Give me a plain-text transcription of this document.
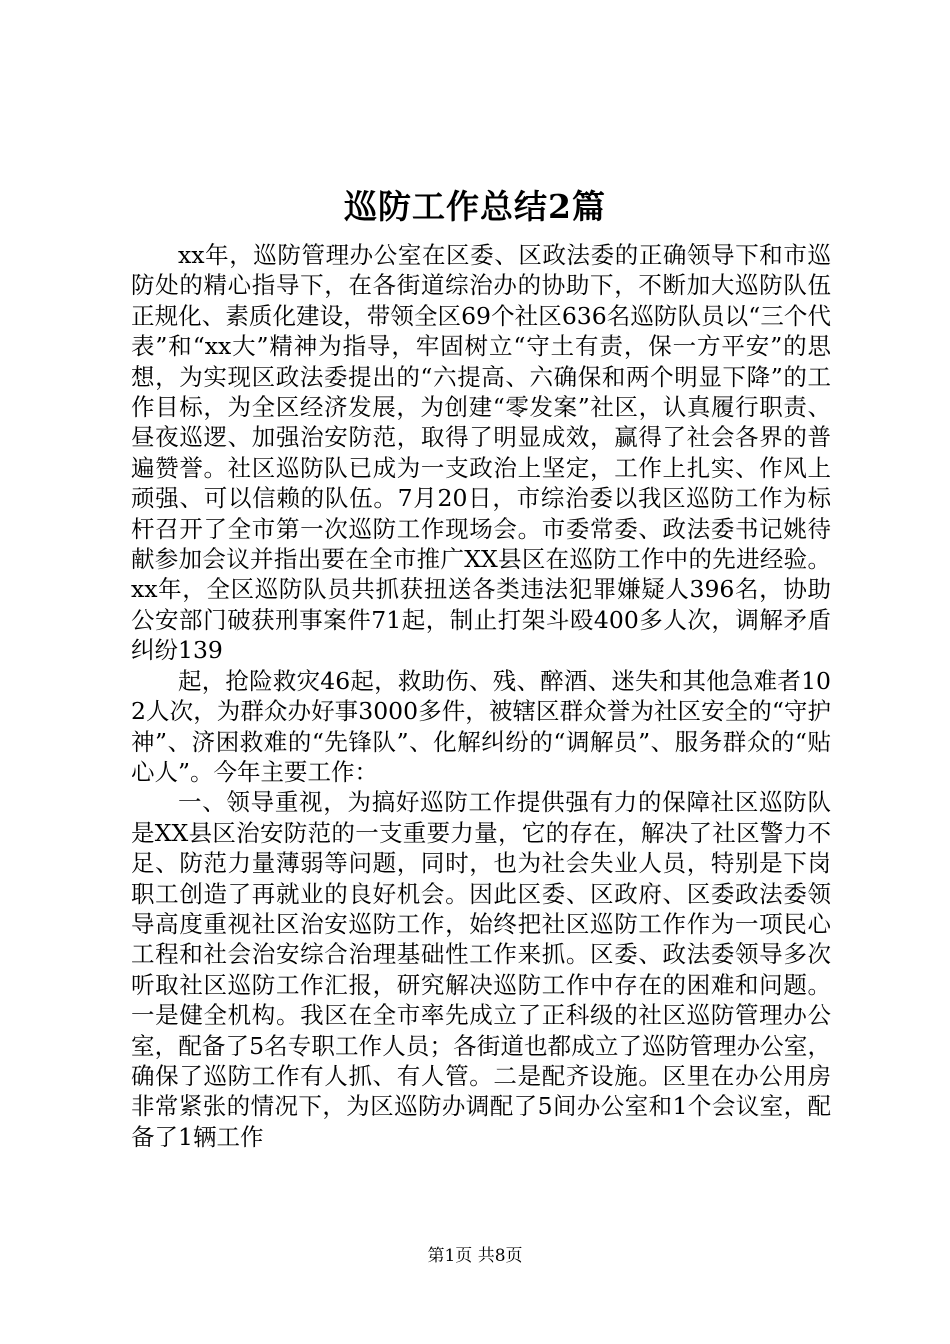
巡防工作总结2篇

xx年，巡防管理办公室在区委、区政法委的正确领导下和市巡防处的精心指导下，在各街道综治办的协助下，不断加大巡防队伍正规化、素质化建设，带领全区69个社区636名巡防队员以“三个代表”和“xx大”精神为指导，牢固树立“守土有责，保一方平安”的思想，为实现区政法委提出的“六提高、六确保和两个明显下降”的工作目标，为全区经济发展，为创建“零发案”社区，认真履行职责、昼夜巡逻、加强治安防范，取得了明显成效，赢得了社会各界的普遍赞誉。社区巡防队已成为一支政治上坚定，工作上扎实、作风上顽强、可以信赖的队伍。7月20日，市综治委以我区巡防工作为标杆召开了全市第一次巡防工作现场会。市委常委、政法委书记姚待献参加会议并指出要在全市推广XX县区在巡防工作中的先进经验。xx年，全区巡防队员共抓获扭送各类违法犯罪嫌疑人396名，协助公安部门破获刑事案件71起，制止打架斗殴400多人次，调解矛盾纠纷139

起，抢险救灾46起，救助伤、残、醉酒、迷失和其他急难者102人次，为群众办好事3000多件，被辖区群众誉为社区安全的“守护神”、济困救难的“先锋队”、化解纠纷的“调解员”、服务群众的“贴心人”。今年主要工作：

一、领导重视，为搞好巡防工作提供强有力的保障社区巡防队是XX县区治安防范的一支重要力量，它的存在，解决了社区警力不足、防范力量薄弱等问题，同时，也为社会失业人员，特别是下岗职工创造了再就业的良好机会。因此区委、区政府、区委政法委领导高度重视社区治安巡防工作，始终把社区巡防工作作为一项民心工程和社会治安综合治理基础性工作来抓。区委、政法委领导多次听取社区巡防工作汇报，研究解决巡防工作中存在的困难和问题。一是健全机构。我区在全市率先成立了正科级的社区巡防管理办公室，配备了5名专职工作人员；各街道也都成立了巡防管理办公室，确保了巡防工作有人抓、有人管。二是配齐设施。区里在办公用房非常紧张的情况下，为区巡防办调配了5间办公室和1个会议室，配备了1辆工作

第1页 共8页
